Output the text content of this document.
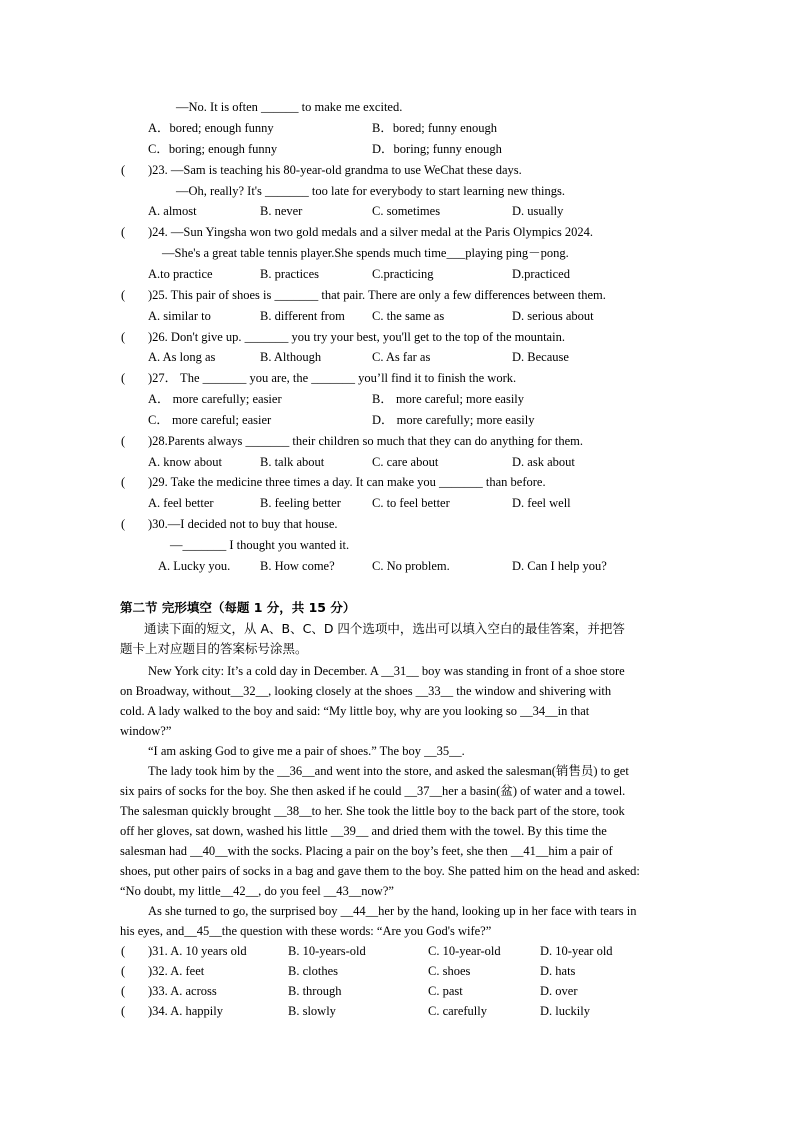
—No. It is often ______ to make me excited.
A．bored; enough funny	B．bored; funny enough
C．boring; enough funny	D．boring; funny enough
( )23. —Sam is teaching his 80-year-old grandma to use WeChat these days.
—Oh, really? It's _______ too late for everybody to start learning new things.
A. almost	B. never	C. sometimes	D. usually
( )24. —Sun Yingsha won two gold medals and a silver medal at the Paris Olympics 2024.
—She's a great table tennis player.She spends much time___playing ping－pong.
A.to practice	B. practices	C.practicing	D.practiced
( )25. This pair of shoes is _______ that pair. There are only a few differences between them.
A. similar to	B. different from C. the same as	D. serious about
( )26. Don't give up. _______ you try your best, you'll get to the top of the mountain.
A. As long as	B. Although	C. As far as	D. Because
( )27． The _______ you are, the _______ you’ll find it to finish the work.
A． more carefully; easier	B． more careful; more easily
C． more careful; easier	D． more carefully; more easily
( )28.Parents always _______ their children so much that they can do anything for them.
A. know about	B. talk about	C. care about	D. ask about
( )29. Take the medicine three times a day. It can make you _______ than before.
A. feel better	B. feeling better C. to feel better	D. feel well
( )30.—I decided not to buy that house.
—_______ I thought you wanted it.
A. Lucky you. B. How come?	C. No problem.	D. Can I help you?
第二节 完形填空（每题 1 分，共 15 分）
通读下面的短文，从 A、B、C、D 四个选项中，选出可以填入空白的最佳答案，并把答
题卡上对应题目的答案标号涂黑。
New York city: It’s a cold day in December. A __31__ boy was standing in front of a shoe store
on Broadway, without__32__, looking closely at the shoes __33__ the window and shivering with
cold. A lady walked to the boy and said: “My little boy, why are you looking so __34__in that
window?”
“I am asking God to give me a pair of shoes.” The boy __35__.
The lady took him by the __36__and went into the store, and asked the salesman(销售员) to get
six pairs of socks for the boy. She then asked if he could __37__her a basin(盆) of water and a towel.
The salesman quickly brought __38__to her. She took the little boy to the back part of the store, took
off her gloves, sat down, washed his little __39__ and dried them with the towel. By this time the
salesman had __40__with the socks. Placing a pair on the boy’s feet, she then __41__him a pair of
shoes, put other pairs of socks in a bag and gave them to the boy. She patted him on the head and asked:
“No doubt, my little__42__, do you feel __43__now?”
As she turned to go, the surprised boy __44__her by the hand, looking up in her face with tears in
his eyes, and__45__the question with these words: “Are you God's wife?”
( )31. A. 10 years old	B. 10-years-old	C. 10-year-old	D. 10-year old
( )32. A. feet	B. clothes	C. shoes	D. hats
( )33. A. across	B. through	C. past	D. over
( )34. A. happily	B. slowly	C. carefully	D. luckily
